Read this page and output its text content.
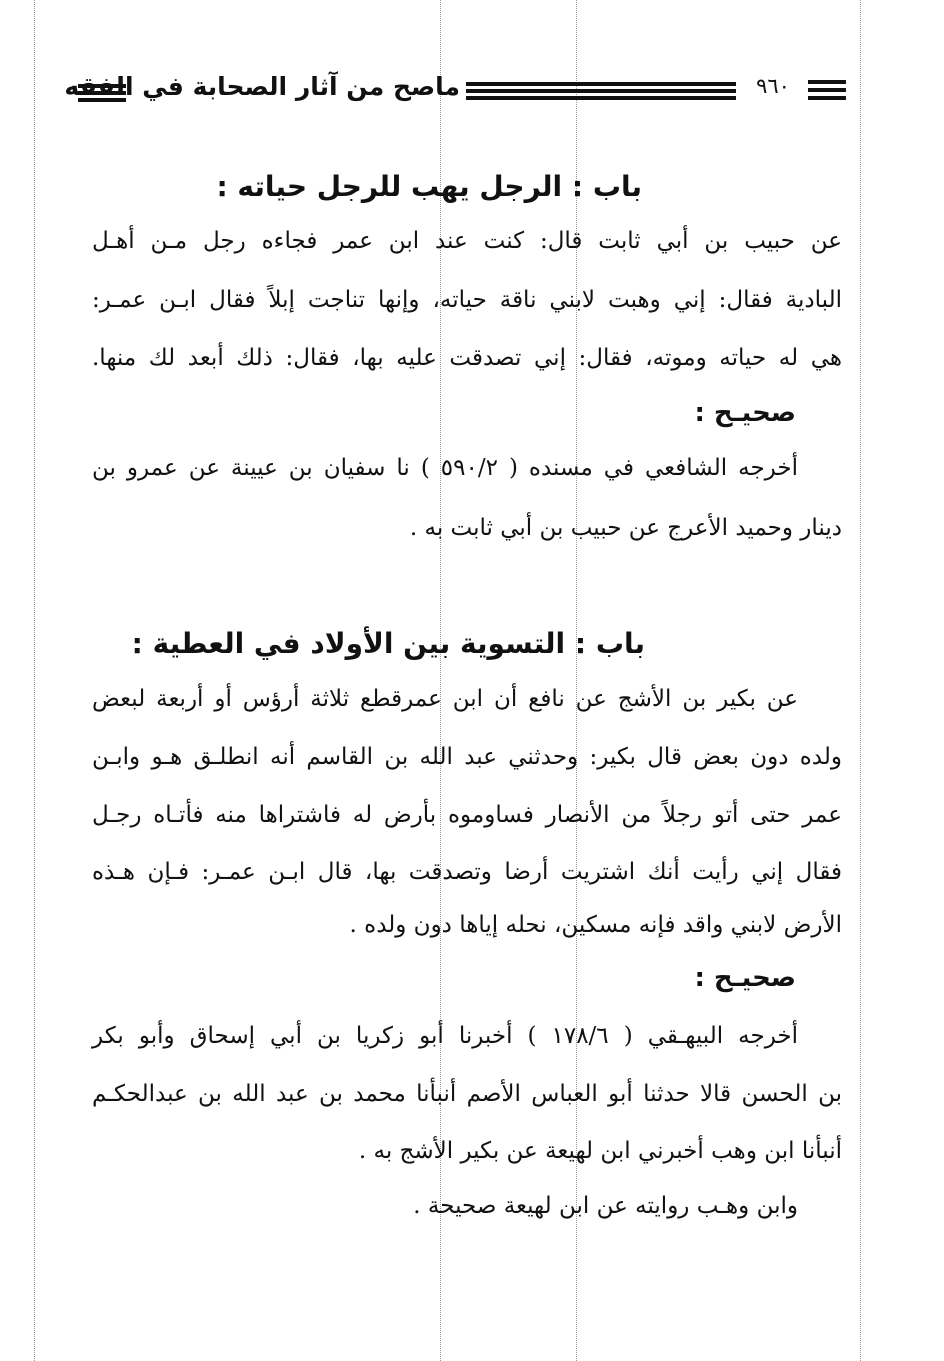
ماصح من آثار الصحابة في الفقه	٩٦٠
باب : الرجل يهب للرجل حياته :
عن حبيب بن أبي ثابت قال: كنت عند ابن عمر فجاءه رجل مـن أهـل
البادية فقال: إني وهبت لابني ناقة حياته، وإنها تناجت إبلاً فقال ابـن عمـر:
هي له حياته وموته، فقال: إني تصدقت عليه بها، فقال: ذلك أبعد لك منها.
صحيـح :
أخرجه الشافعي في مسنده ( ٥٩٠/٢ ) نا سفيان بن عيينة عن عمرو بن
دينار وحميد الأعرج عن حبيب بن أبي ثابت به .
باب : التسوية بين الأولاد في العطية :
عن بكير بن الأشج عن نافع أن ابن عمرقطع ثلاثة أرؤس أو أربعة لبعض
ولده دون بعض قال بكير: وحدثني عبد الله بن القاسم أنه انطلـق هـو وابـن
عمر حتى أتو رجلاً من الأنصار فساوموه بأرض له فاشتراها منه فأتـاه رجـل
فقال إني رأيت أنك اشتريت أرضا وتصدقت بها، قال ابـن عمـر: فـإن هـذه
الأرض لابني واقد فإنه مسكين، نحله إياها دون ولده .
صحيـح :
أخرجه البيهـقي ( ١٧٨/٦ ) أخبرنا أبو زكريا بن أبي إسحاق وأبو بكر
بن الحسن قالا حدثنا أبو العباس الأصم أنبأنا محمد بن عبد الله بن عبدالحكـم
أنبأنا ابن وهب أخبرني ابن لهيعة عن بكير الأشج به .
وابن وهـب روايته عن ابن لهيعة صحيحة .
